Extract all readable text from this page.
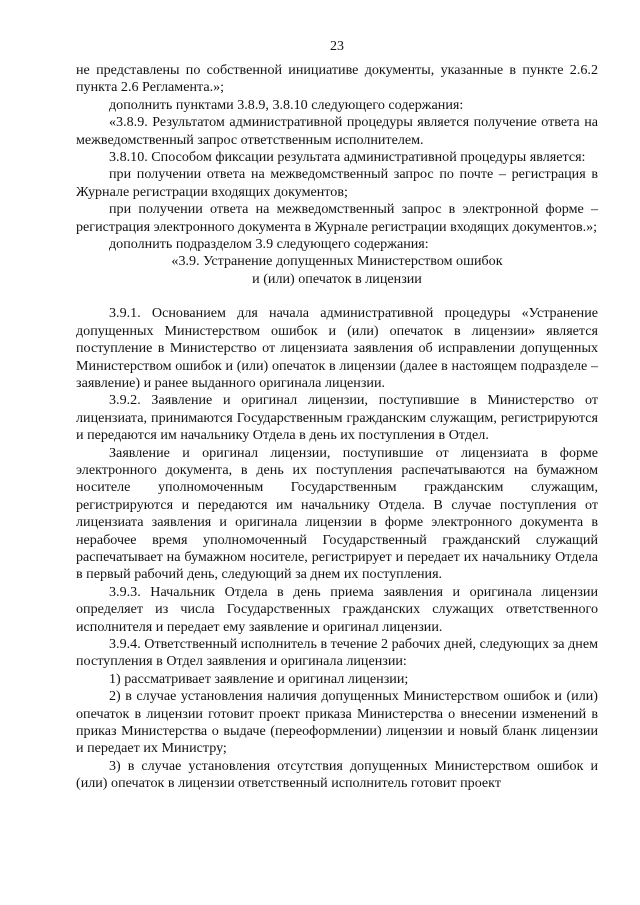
23

не представлены по собственной инициативе документы, указанные в пункте 2.6.2 пункта 2.6 Регламента.»;

дополнить пунктами 3.8.9, 3.8.10 следующего содержания:

«3.8.9. Результатом административной процедуры является получение ответа на межведомственный запрос ответственным исполнителем.

3.8.10. Способом фиксации результата административной процедуры является:

при получении ответа на межведомственный запрос по почте – регистрация в Журнале регистрации входящих документов;

при получении ответа на межведомственный запрос в электронной форме – регистрация электронного документа в Журнале регистрации входящих документов.»;

дополнить подразделом 3.9 следующего содержания:

«3.9. Устранение допущенных Министерством ошибок

и (или) опечаток в лицензии

3.9.1. Основанием для начала административной процедуры «Устранение допущенных Министерством ошибок и (или) опечаток в лицензии» является поступление в Министерство от лицензиата заявления об исправлении допущенных Министерством ошибок и (или) опечаток в лицензии (далее в настоящем подразделе – заявление) и ранее выданного оригинала лицензии.

3.9.2. Заявление и оригинал лицензии, поступившие в Министерство от лицензиата, принимаются Государственным гражданским служащим, регистрируются и передаются им начальнику Отдела в день их поступления в Отдел.

Заявление и оригинал лицензии, поступившие от лицензиата в форме электронного документа, в день их поступления распечатываются на бумажном носителе уполномоченным Государственным гражданским служащим, регистрируются и передаются им начальнику Отдела. В случае поступления от лицензиата заявления и оригинала лицензии в форме электронного документа в нерабочее время уполномоченный Государственный гражданский служащий распечатывает на бумажном носителе, регистрирует и передает их начальнику Отдела в первый рабочий день, следующий за днем их поступления.

3.9.3. Начальник Отдела в день приема заявления и оригинала лицензии определяет из числа Государственных гражданских служащих ответственного исполнителя и передает ему заявление и оригинал лицензии.

3.9.4. Ответственный исполнитель в течение 2 рабочих дней, следующих за днем поступления в Отдел заявления и оригинала лицензии:

1) рассматривает заявление и оригинал лицензии;

2) в случае установления наличия допущенных Министерством ошибок и (или) опечаток в лицензии готовит проект приказа Министерства о внесении изменений в приказ Министерства о выдаче (переоформлении) лицензии и новый бланк лицензии и передает их Министру;

3) в случае установления отсутствия допущенных Министерством ошибок и (или) опечаток в лицензии ответственный исполнитель готовит проект
